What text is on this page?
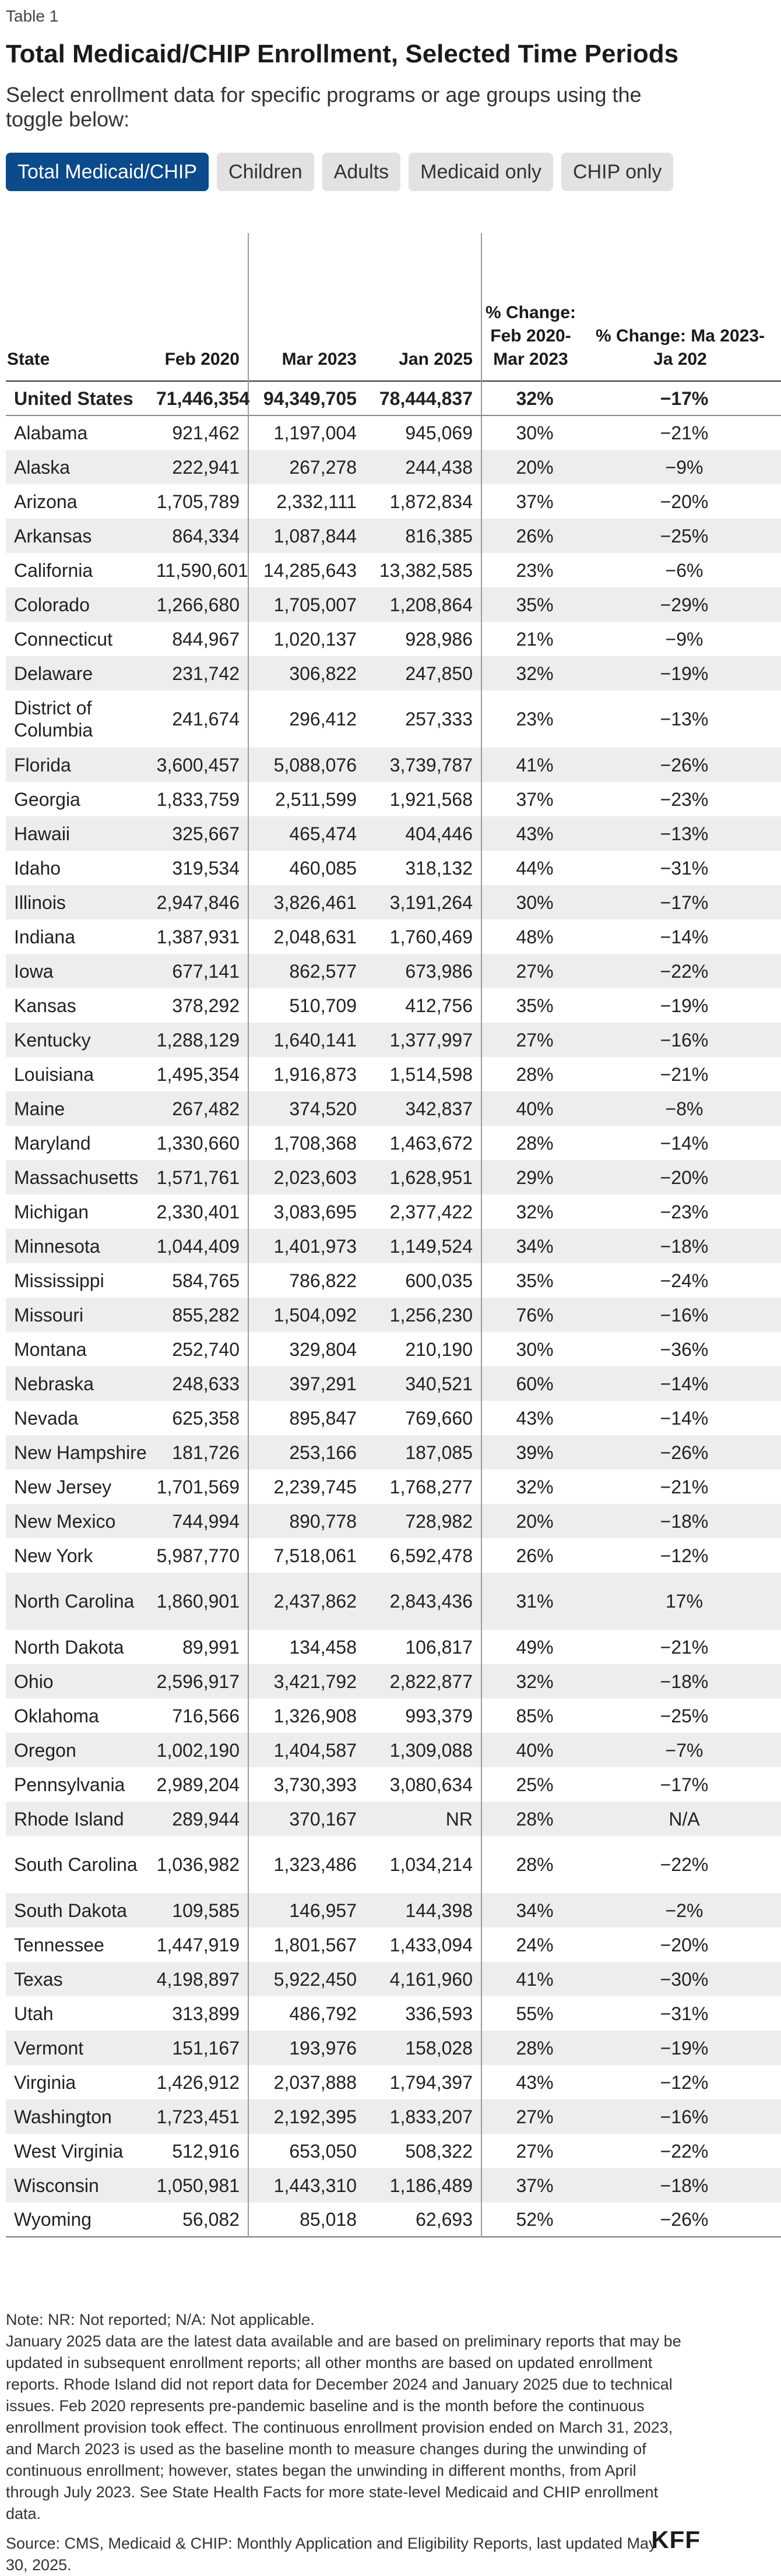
Table 1
Total Medicaid/CHIP Enrollment, Selected Time Periods
Select enrollment data for specific programs or age groups using the toggle below:
Total Medicaid/CHIP	Children	Adults	Medicaid only	CHIP only
State	Feb 2020	Mar 2023	Jan 2025	% Change: Feb 2020-Mar 2023	% Change: Ma 2023- Ja 202
United States	71,446,354	94,349,705	78,444,837	32%	−17%
Alabama	921,462	1,197,004	945,069	30%	−21%
Alaska	222,941	267,278	244,438	20%	−9%
Arizona	1,705,789	2,332,111	1,872,834	37%	−20%
Arkansas	864,334	1,087,844	816,385	26%	−25%
California	11,590,601	14,285,643	13,382,585	23%	−6%
Colorado	1,266,680	1,705,007	1,208,864	35%	−29%
Connecticut	844,967	1,020,137	928,986	21%	−9%
Delaware	231,742	306,822	247,850	32%	−19%
District of Columbia	241,674	296,412	257,333	23%	−13%
Florida	3,600,457	5,088,076	3,739,787	41%	−26%
Georgia	1,833,759	2,511,599	1,921,568	37%	−23%
Hawaii	325,667	465,474	404,446	43%	−13%
Idaho	319,534	460,085	318,132	44%	−31%
Illinois	2,947,846	3,826,461	3,191,264	30%	−17%
Indiana	1,387,931	2,048,631	1,760,469	48%	−14%
Iowa	677,141	862,577	673,986	27%	−22%
Kansas	378,292	510,709	412,756	35%	−19%
Kentucky	1,288,129	1,640,141	1,377,997	27%	−16%
Louisiana	1,495,354	1,916,873	1,514,598	28%	−21%
Maine	267,482	374,520	342,837	40%	−8%
Maryland	1,330,660	1,708,368	1,463,672	28%	−14%
Massachusetts	1,571,761	2,023,603	1,628,951	29%	−20%
Michigan	2,330,401	3,083,695	2,377,422	32%	−23%
Minnesota	1,044,409	1,401,973	1,149,524	34%	−18%
Mississippi	584,765	786,822	600,035	35%	−24%
Missouri	855,282	1,504,092	1,256,230	76%	−16%
Montana	252,740	329,804	210,190	30%	−36%
Nebraska	248,633	397,291	340,521	60%	−14%
Nevada	625,358	895,847	769,660	43%	−14%
New Hampshire	181,726	253,166	187,085	39%	−26%
New Jersey	1,701,569	2,239,745	1,768,277	32%	−21%
New Mexico	744,994	890,778	728,982	20%	−18%
New York	5,987,770	7,518,061	6,592,478	26%	−12%
North Carolina	1,860,901	2,437,862	2,843,436	31%	17%
North Dakota	89,991	134,458	106,817	49%	−21%
Ohio	2,596,917	3,421,792	2,822,877	32%	−18%
Oklahoma	716,566	1,326,908	993,379	85%	−25%
Oregon	1,002,190	1,404,587	1,309,088	40%	−7%
Pennsylvania	2,989,204	3,730,393	3,080,634	25%	−17%
Rhode Island	289,944	370,167	NR	28%	N/A
South Carolina	1,036,982	1,323,486	1,034,214	28%	−22%
South Dakota	109,585	146,957	144,398	34%	−2%
Tennessee	1,447,919	1,801,567	1,433,094	24%	−20%
Texas	4,198,897	5,922,450	4,161,960	41%	−30%
Utah	313,899	486,792	336,593	55%	−31%
Vermont	151,167	193,976	158,028	28%	−19%
Virginia	1,426,912	2,037,888	1,794,397	43%	−12%
Washington	1,723,451	2,192,395	1,833,207	27%	−16%
West Virginia	512,916	653,050	508,322	27%	−22%
Wisconsin	1,050,981	1,443,310	1,186,489	37%	−18%
Wyoming	56,082	85,018	62,693	52%	−26%

Note: NR: Not reported; N/A: Not applicable.

January 2025 data are the latest data available and are based on preliminary reports that may be updated in subsequent enrollment reports; all other months are based on updated enrollment reports. Rhode Island did not report data for December 2024 and January 2025 due to technical issues. Feb 2020 represents pre-pandemic baseline and is the month before the continuous enrollment provision took effect. The continuous enrollment provision ended on March 31, 2023, and March 2023 is used as the baseline month to measure changes during the unwinding of continuous enrollment; however, states began the unwinding in different months, from April through July 2023. See State Health Facts for more state-level Medicaid and CHIP enrollment data.

Source: CMS, Medicaid & CHIP: Monthly Application and Eligibility Reports, last updated May 30, 2025.

KFF
